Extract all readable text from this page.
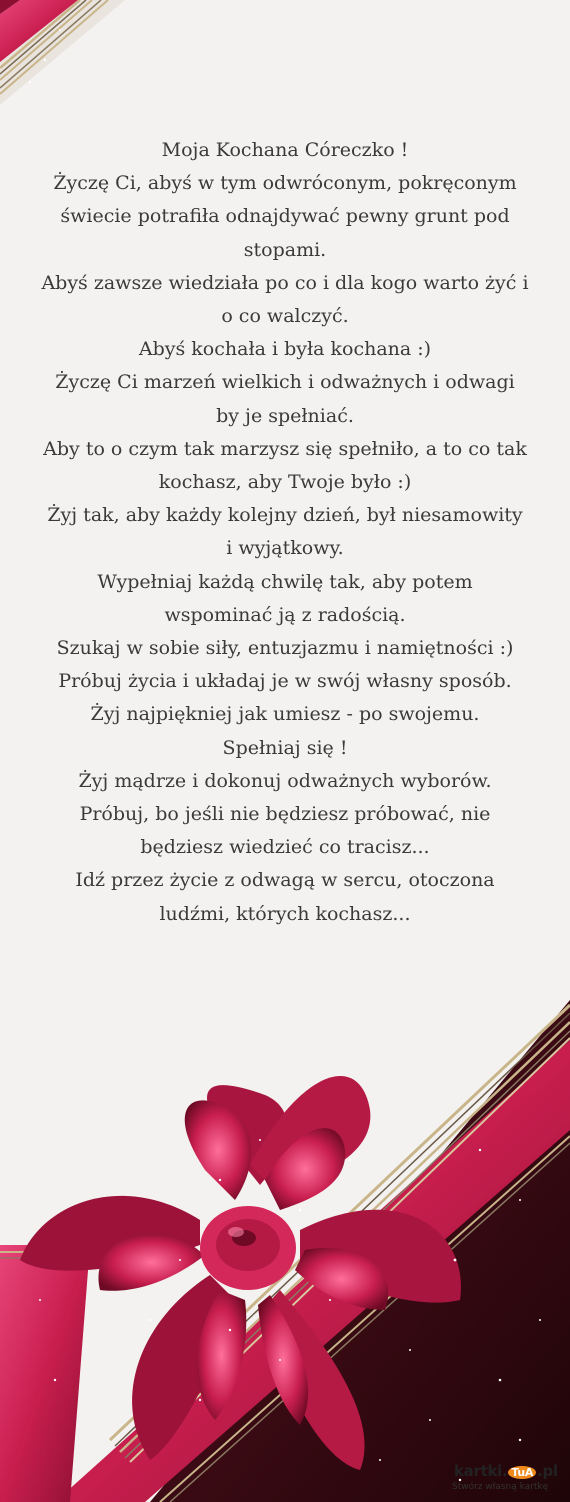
Moja Kochana Córeczko !
Życzę Ci, abyś w tym odwróconym, pokręconym
świecie potrafiła odnajdywać pewny grunt pod
stopami.
Abyś zawsze wiedziała po co i dla kogo warto żyć i
o co walczyć.
Abyś kochała i była kochana :)
Życzę Ci marzeń wielkich i odważnych i odwagi
by je spełniać.
Aby to o czym tak marzysz się spełniło, a to co tak
kochasz, aby Twoje było :)
Żyj tak, aby każdy kolejny dzień, był niesamowity
i wyjątkowy.
Wypełniaj każdą chwilę tak, aby potem
wspominać ją z radością.
Szukaj w sobie siły, entuzjazmu i namiętności :)
Próbuj życia i układaj je w swój własny sposób.
Żyj najpiękniej jak umiesz - po swojemu.
Spełniaj się !
Żyj mądrze i dokonuj odważnych wyborów.
Próbuj, bo jeśli nie będziesz próbować, nie
będziesz wiedzieć co tracisz...
Idź przez życie z odwagą w sercu, otoczona
ludźmi, których kochasz...
kartki. TuA .pl
Stwórz własną kartkę
